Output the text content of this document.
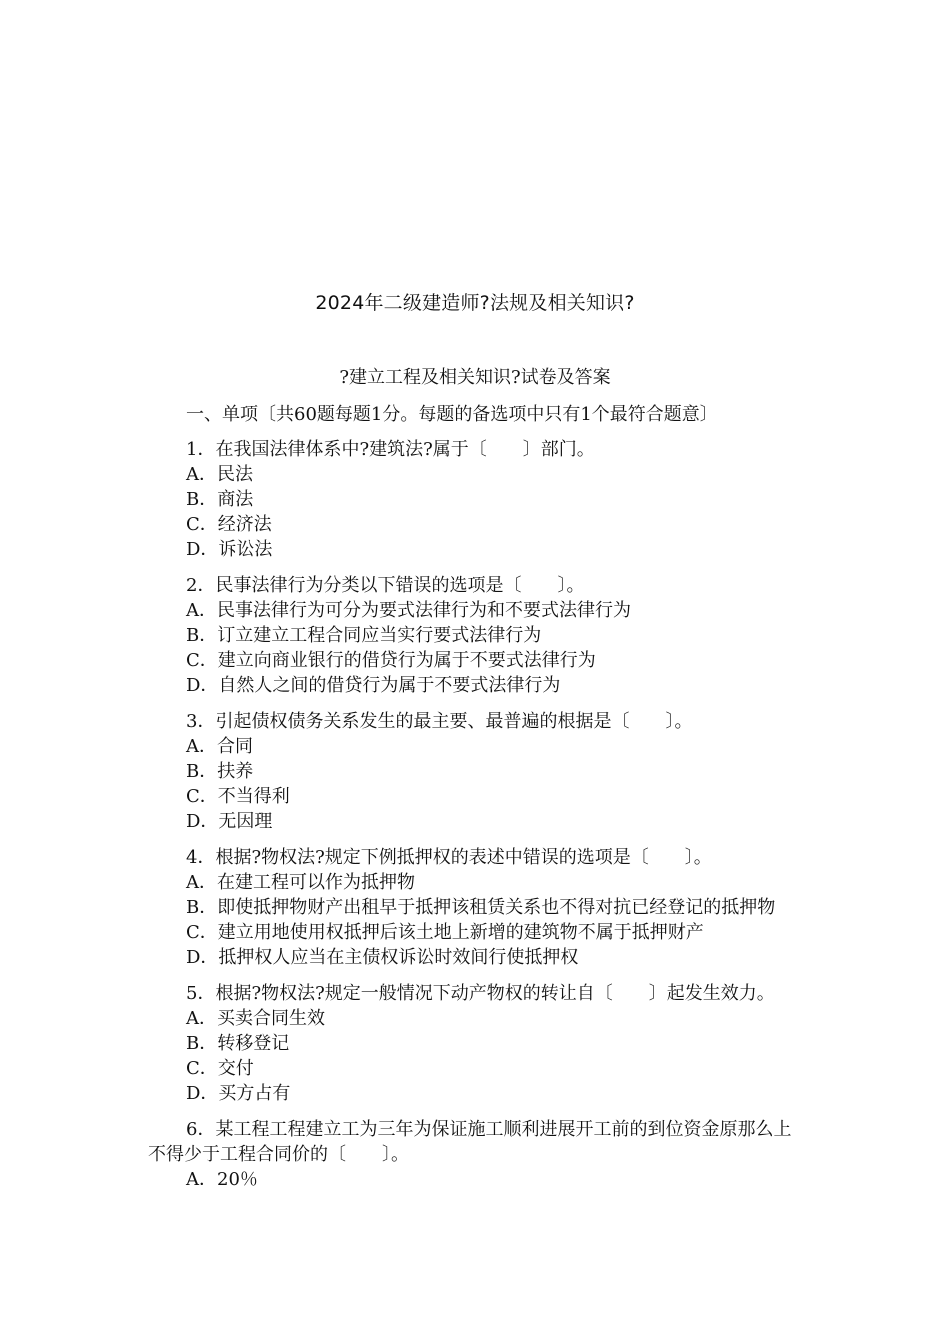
2024年二级建造师?法规及相关知识?
?建立工程及相关知识?试卷及答案
一、单项〔共60题每题1分。每题的备选项中只有1个最符合题意〕
1．在我国法律体系中?建筑法?属于〔　　〕部门。
A．民法
B．商法
C．经济法
D．诉讼法
2．民事法律行为分类以下错误的选项是〔　　〕。
A．民事法律行为可分为要式法律行为和不要式法律行为
B．订立建立工程合同应当实行要式法律行为
C．建立向商业银行的借贷行为属于不要式法律行为
D．自然人之间的借贷行为属于不要式法律行为
3．引起债权债务关系发生的最主要、最普遍的根据是〔　　〕。
A．合同
B．扶养
C．不当得利
D．无因理
4．根据?物权法?规定下例抵押权的表述中错误的选项是〔　　〕。
A．在建工程可以作为抵押物
B．即使抵押物财产出租早于抵押该租赁关系也不得对抗已经登记的抵押物
C．建立用地使用权抵押后该土地上新增的建筑物不属于抵押财产
D．抵押权人应当在主债权诉讼时效间行使抵押权
5．根据?物权法?规定一般情况下动产物权的转让自〔　　〕起发生效力。
A．买卖合同生效
B．转移登记
C．交付
D．买方占有
6．某工程工程建立工为三年为保证施工顺利进展开工前的到位资金原那么上不得少于工程合同价的〔　　〕。
A．20％
